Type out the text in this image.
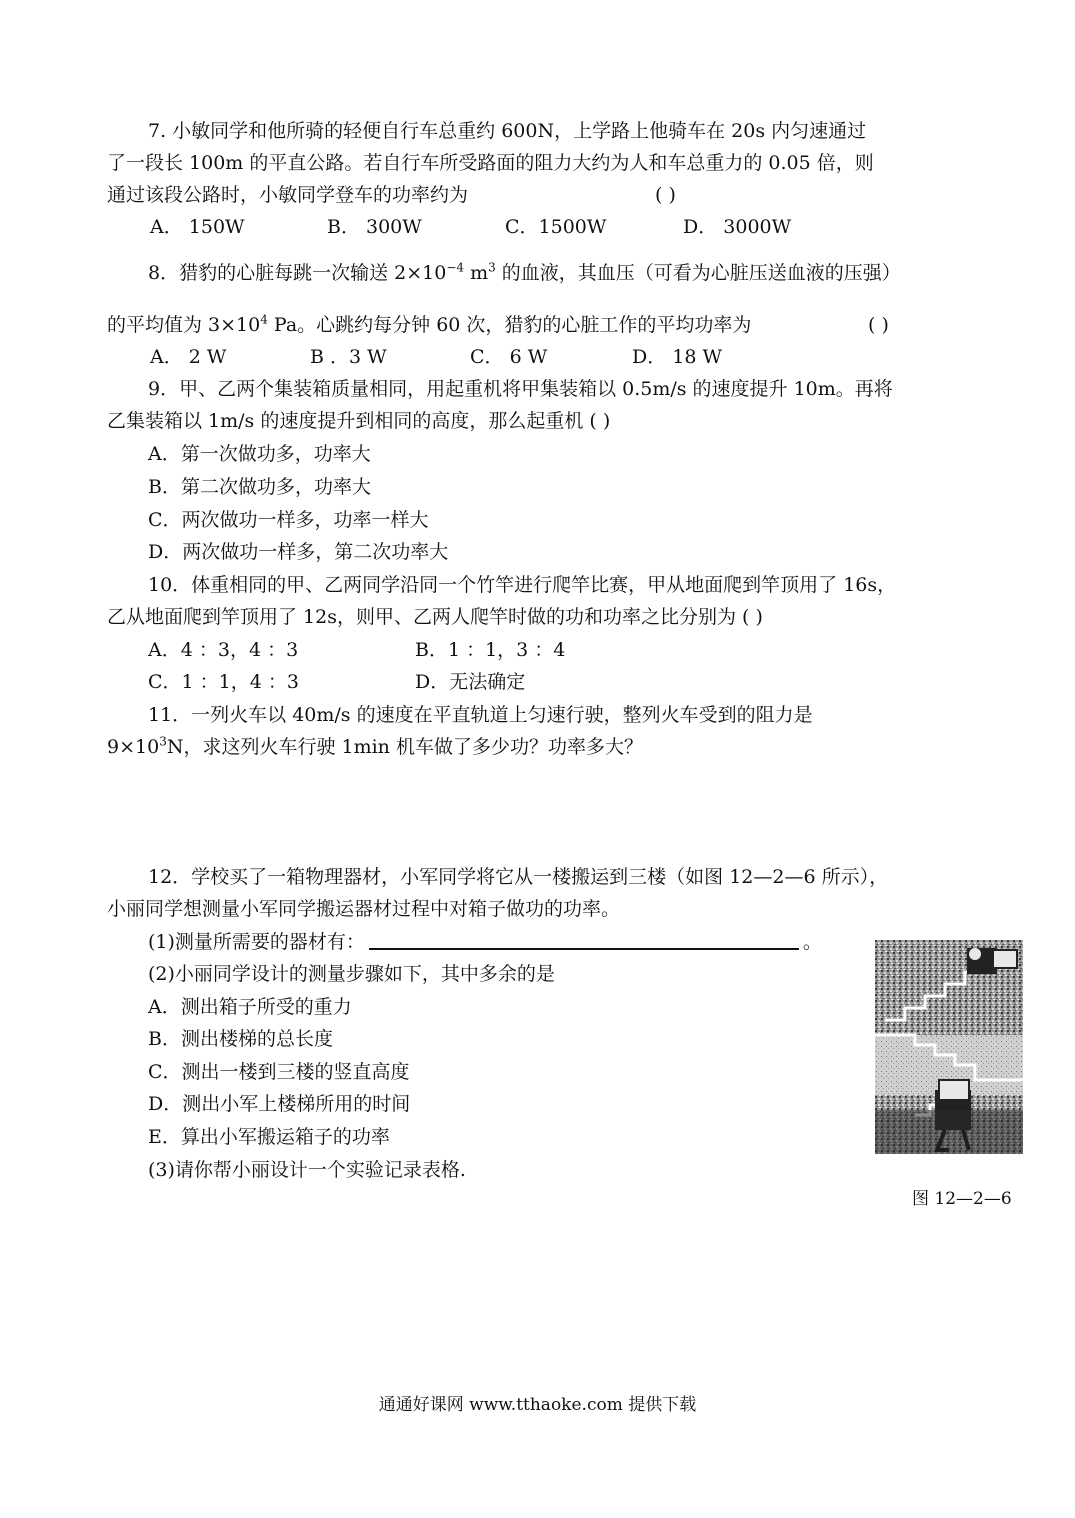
7. 小敏同学和他所骑的轻便自行车总重约 600N，上学路上他骑车在 20s 内匀速通过
了一段长 100m 的平直公路。若自行车所受路面的阻力大约为人和车总重力的 0.05 倍，则
通过该段公路时，小敏同学登车的功率约为	( )
A． 150W	B． 300W	C．1500W	D． 3000W
8．猎豹的心脏每跳一次输送 $2\times 10^{-4}$ $m^3$ 的血液，其血压（可看为心脏压送血液的压强）
的平均值为 $3\times 10^4$ Pa。心跳约每分钟 60 次，猎豹的心脏工作的平均功率为	( )
A． 2 W	B ．3 W	C． 6 W	D． 18 W
9．甲、乙两个集装箱质量相同，用起重机将甲集装箱以 0.5m/s 的速度提升 10m。再将
乙集装箱以 1m/s 的速度提升到相同的高度，那么起重机 ( )
A．第一次做功多，功率大
B．第二次做功多，功率大
C．两次做功一样多，功率一样大
D．两次做功一样多，第二次功率大
10．体重相同的甲、乙两同学沿同一个竹竿进行爬竿比赛，甲从地面爬到竿顶用了 16s，
乙从地面爬到竿顶用了 12s，则甲、乙两人爬竿时做的功和功率之比分别为 ( )
A．4 ：3，4 ：3	B．1 ：1，3 ：4
C．1 ：1，4 ：3	D．无法确定
11．一列火车以 40m/s 的速度在平直轨道上匀速行驶，整列火车受到的阻力是
$9\times 10^3N$，求这列火车行驶 1min 机车做了多少功？功率多大？
12．学校买了一箱物理器材，小军同学将它从一楼搬运到三楼（如图 12—2—6 所示），
小丽同学想测量小军同学搬运器材过程中对箱子做功的功率。
(1)测量所需要的器材有：	。
(2)小丽同学设计的测量步骤如下，其中多余的是
A．测出箱子所受的重力
B．测出楼梯的总长度
C．测出一楼到三楼的竖直高度
D．测出小军上楼梯所用的时间
E．算出小军搬运箱子的功率
(3)请你帮小丽设计一个实验记录表格.
图 12—2—6
通通好课网 www.tthaoke.com 提供下载
